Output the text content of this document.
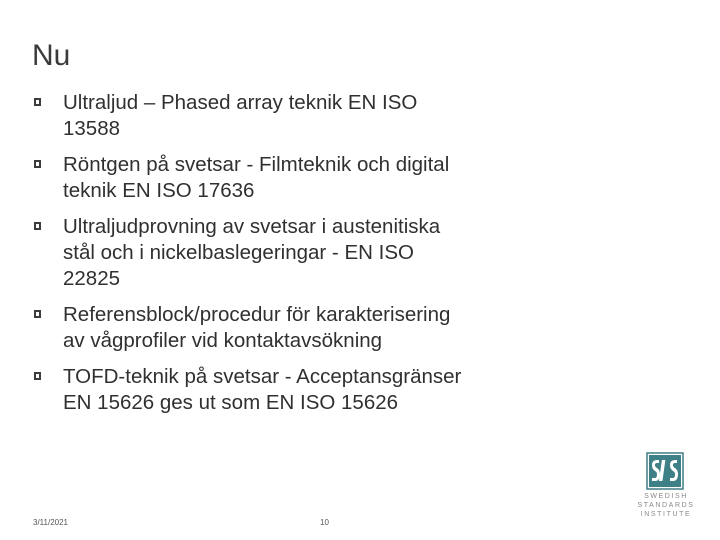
Nu
Ultraljud – Phased array teknik EN ISO
13588
Röntgen på svetsar - Filmteknik och digital
teknik EN ISO 17636
Ultraljudprovning av svetsar i austenitiska
stål och i nickelbaslegeringar - EN ISO
22825
Referensblock/procedur för karakterisering
av vågprofiler vid kontaktavsökning
TOFD-teknik på svetsar - Acceptansgränser
EN 15626 ges ut som EN ISO 15626
3/11/2021	10
SWEDISH
STANDARDS
INSTITUTE
